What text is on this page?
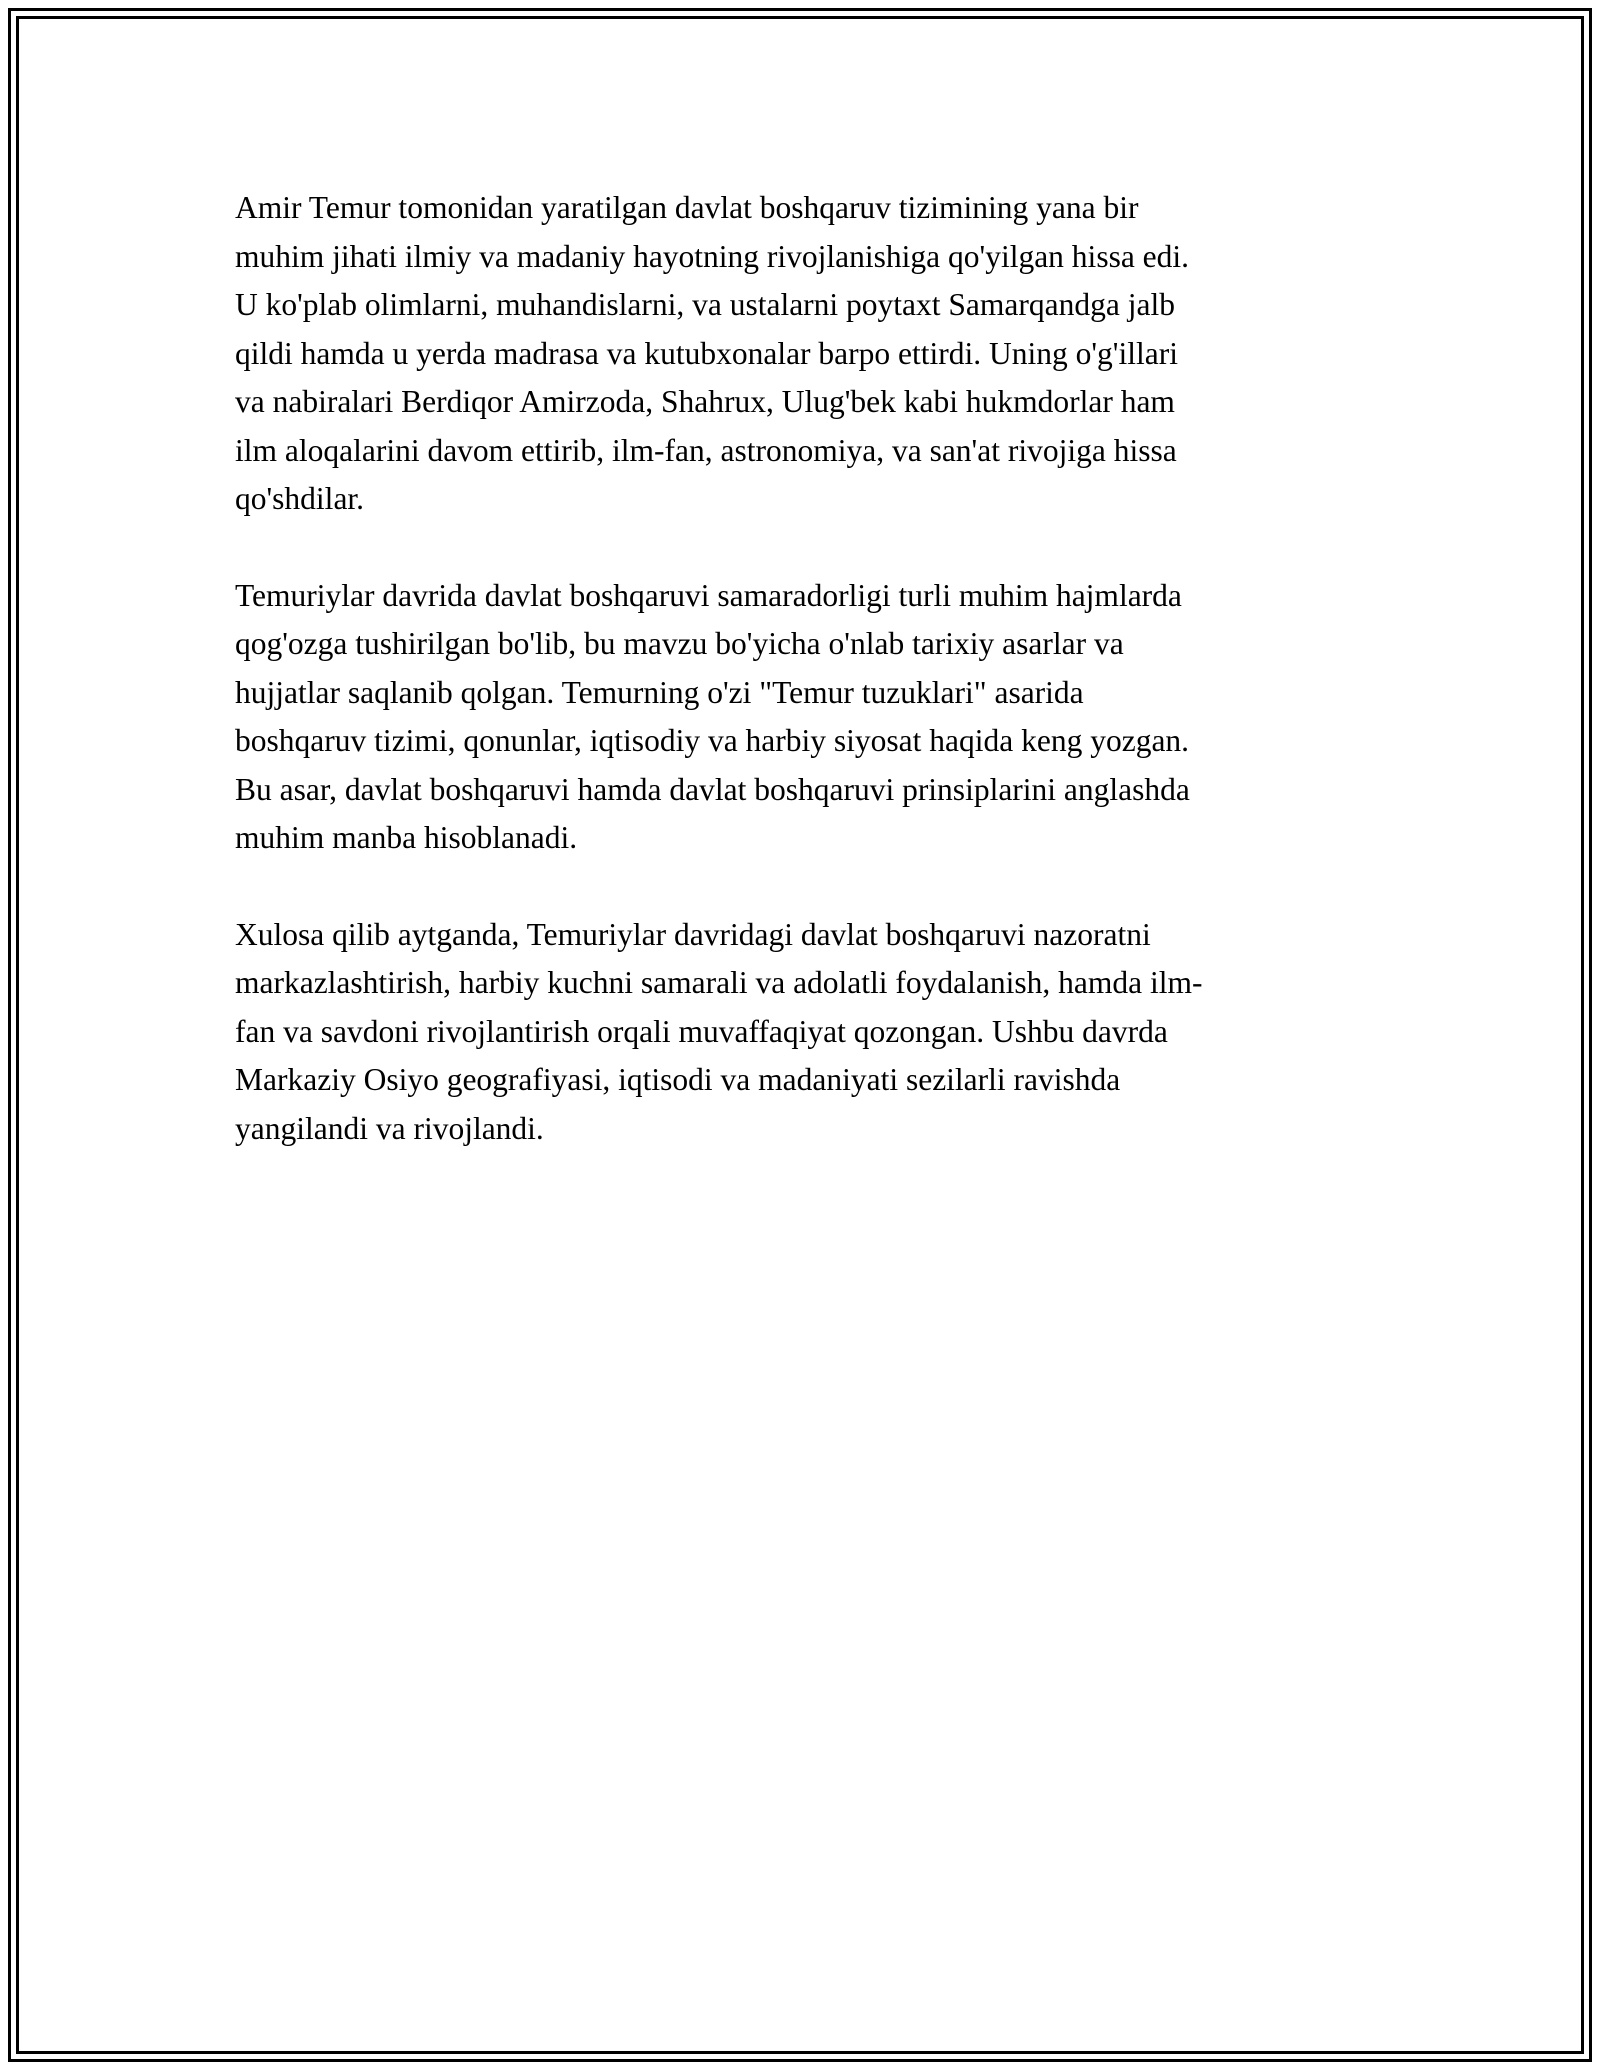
Amir Temur tomonidan yaratilgan davlat boshqaruv tizimining yana bir
muhim jihati ilmiy va madaniy hayotning rivojlanishiga qo'yilgan hissa edi.
U ko'plab olimlarni, muhandislarni, va ustalarni poytaxt Samarqandga jalb
qildi hamda u yerda madrasa va kutubxonalar barpo ettirdi. Uning o'g'illari
va nabiralari Berdiqor Amirzoda, Shahrux, Ulug'bek kabi hukmdorlar ham
ilm aloqalarini davom ettirib, ilm-fan, astronomiya, va san'at rivojiga hissa
qo'shdilar.

Temuriylar davrida davlat boshqaruvi samaradorligi turli muhim hajmlarda
qog'ozga tushirilgan bo'lib, bu mavzu bo'yicha o'nlab tarixiy asarlar va
hujjatlar saqlanib qolgan. Temurning o'zi "Temur tuzuklari" asarida
boshqaruv tizimi, qonunlar, iqtisodiy va harbiy siyosat haqida keng yozgan.
Bu asar, davlat boshqaruvi hamda davlat boshqaruvi prinsiplarini anglashda
muhim manba hisoblanadi.

Xulosa qilib aytganda, Temuriylar davridagi davlat boshqaruvi nazoratni
markazlashtirish, harbiy kuchni samarali va adolatli foydalanish, hamda ilm-
fan va savdoni rivojlantirish orqali muvaffaqiyat qozongan. Ushbu davrda
Markaziy Osiyo geografiyasi, iqtisodi va madaniyati sezilarli ravishda
yangilandi va rivojlandi.
